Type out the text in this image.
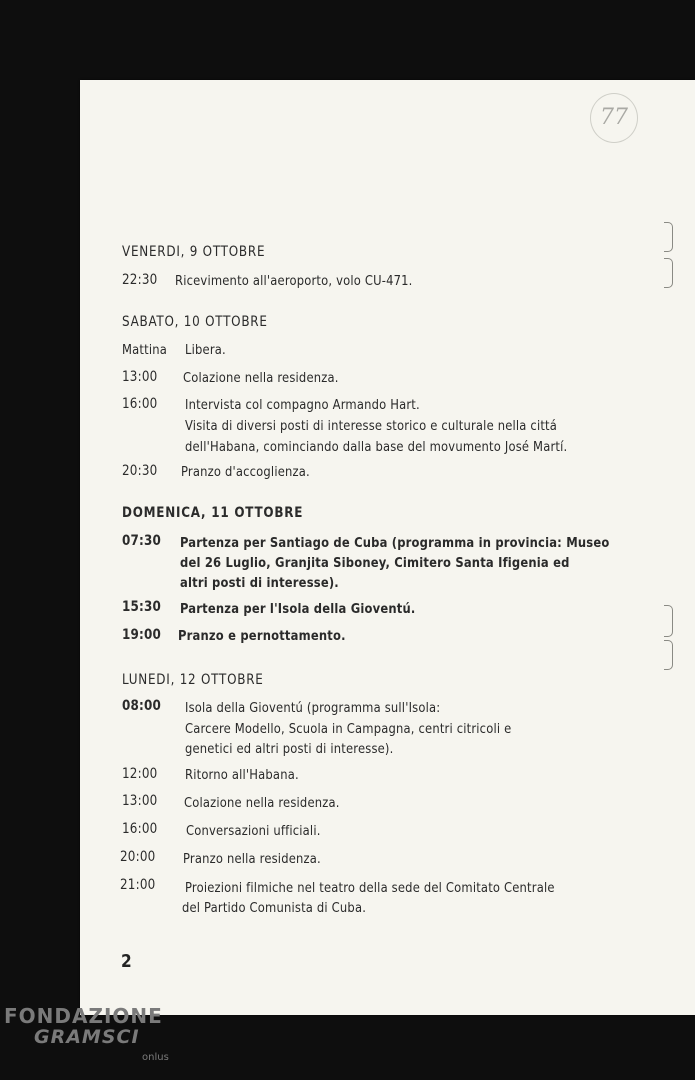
77
VENERDI, 9 OTTOBRE
22:30 Ricevimento all'aeroporto, volo CU-471.
SABATO, 10 OTTOBRE
Mattina Libera.
13:00 Colazione nella residenza.
16:00 Intervista col compagno Armando Hart.
Visita di diversi posti di interesse storico e culturale nella cittá
dell'Habana, cominciando dalla base del movumento José Martí.
20:30 Pranzo d'accoglienza.
DOMENICA, 11 OTTOBRE
07:30 Partenza per Santiago de Cuba (programma in provincia: Museo
del 26 Luglio, Granjita Siboney, Cimitero Santa Ifigenia ed
altri posti di interesse).
15:30 Partenza per l'Isola della Gioventú.
19:00 Pranzo e pernottamento.
LUNEDI, 12 OTTOBRE
08:00 Isola della Gioventú (programma sull'Isola:
Carcere Modello, Scuola in Campagna, centri citricoli e
genetici ed altri posti di interesse).
12:00 Ritorno all'Habana.
13:00 Colazione nella residenza.
16:00 Conversazioni ufficiali.
20:00 Pranzo nella residenza.
21:00 Proiezioni filmiche nel teatro della sede del Comitato Centrale
del Partido Comunista di Cuba.
2
FONDAZIONE
GRAMSCI
onlus
